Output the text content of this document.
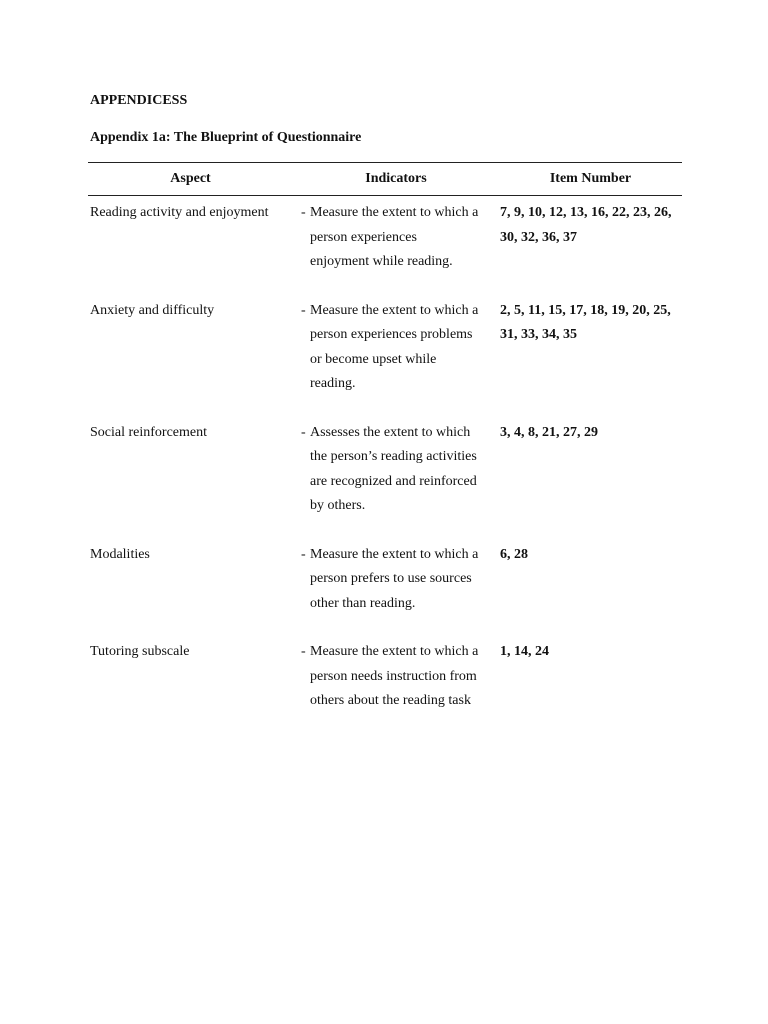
APPENDICESS
Appendix 1a: The Blueprint of Questionnaire
Aspect	Indicators	Item Number
Reading activity and enjoyment	- Measure the extent to which a person experiences enjoyment while reading.	7, 9, 10, 12, 13, 16, 22, 23, 26, 30, 32, 36, 37
Anxiety and difficulty	- Measure the extent to which a person experiences problems or become upset while reading.	2, 5, 11, 15, 17, 18, 19, 20, 25, 31, 33, 34, 35
Social reinforcement	- Assesses the extent to which the person’s reading activities are recognized and reinforced by others.	3, 4, 8, 21, 27, 29
Modalities	- Measure the extent to which a person prefers to use sources other than reading.	6, 28
Tutoring subscale	- Measure the extent to which a person needs instruction from others about the reading task	1, 14, 24
